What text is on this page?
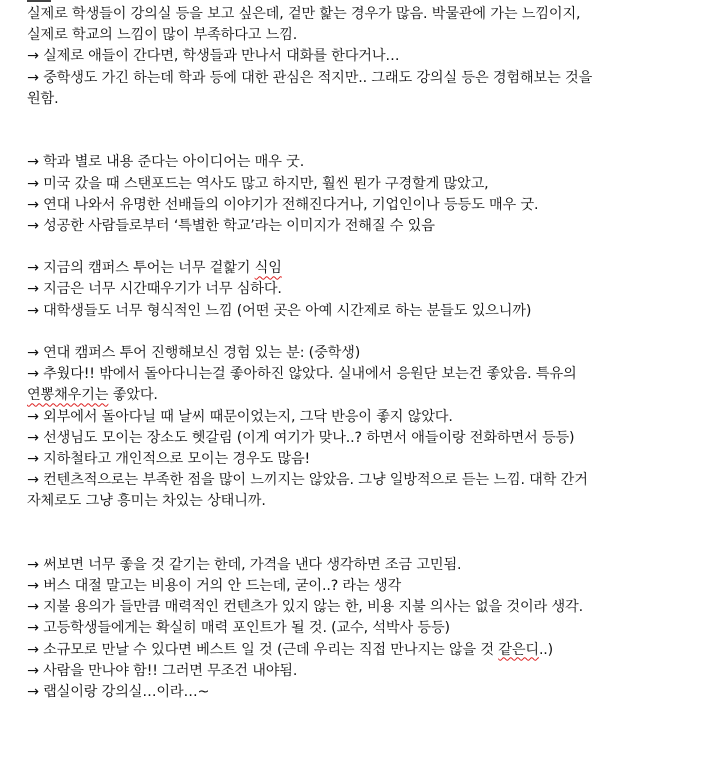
실제로 학생들이 강의실 등을 보고 싶은데, 겉만 핥는 경우가 많음. 박물관에 가는 느낌이지,
실제로 학교의 느낌이 많이 부족하다고 느낌.
→ 실제로 애들이 간다면, 학생들과 만나서 대화를 한다거나…
→ 중학생도 가긴 하는데 학과 등에 대한 관심은 적지만.. 그래도 강의실 등은 경험해보는 것을
원함.
→ 학과 별로 내용 준다는 아이디어는 매우 굿.
→ 미국 갔을 때 스탠포드는 역사도 많고 하지만, 훨씬 뭔가 구경할게 많았고,
→ 연대 나와서 유명한 선배들의 이야기가 전해진다거나, 기업인이나 등등도 매우 굿.
→ 성공한 사람들로부터 ‘특별한 학교’라는 이미지가 전해질 수 있음
→ 지금의 캠퍼스 투어는 너무 겉핥기 식임
→ 지금은 너무 시간때우기가 너무 심하다.
→ 대학생들도 너무 형식적인 느낌 (어떤 곳은 아예 시간제로 하는 분들도 있으니까)
→ 연대 캠퍼스 투어 진행해보신 경험 있는 분: (중학생)
→ 추웠다!! 밖에서 돌아다니는걸 좋아하진 않았다. 실내에서 응원단 보는건 좋았음. 특유의
연뽕채우기는 좋았다.
→ 외부에서 돌아다닐 때 날씨 때문이었는지, 그닥 반응이 좋지 않았다.
→ 선생님도 모이는 장소도 헷갈림 (이게 여기가 맞나..? 하면서 애들이랑 전화하면서 등등)
→ 지하철타고 개인적으로 모이는 경우도 많음!
→ 컨텐츠적으로는 부족한 점을 많이 느끼지는 않았음. 그냥 일방적으로 듣는 느낌. 대학 간거
자체로도 그냥 흥미는 차있는 상태니까.
→ 써보면 너무 좋을 것 같기는 한데, 가격을 낸다 생각하면 조금 고민됨.
→ 버스 대절 말고는 비용이 거의 안 드는데, 굳이..? 라는 생각
→ 지불 용의가 들만큼 매력적인 컨텐츠가 있지 않는 한, 비용 지불 의사는 없을 것이라 생각.
→ 고등학생들에게는 확실히 매력 포인트가 될 것. (교수, 석박사 등등)
→ 소규모로 만날 수 있다면 베스트 일 것 (근데 우리는 직접 만나지는 않을 것 같은디..)
→ 사람을 만나야 함!! 그러면 무조건 내야됨.
→ 랩실이랑 강의실…이라…~
